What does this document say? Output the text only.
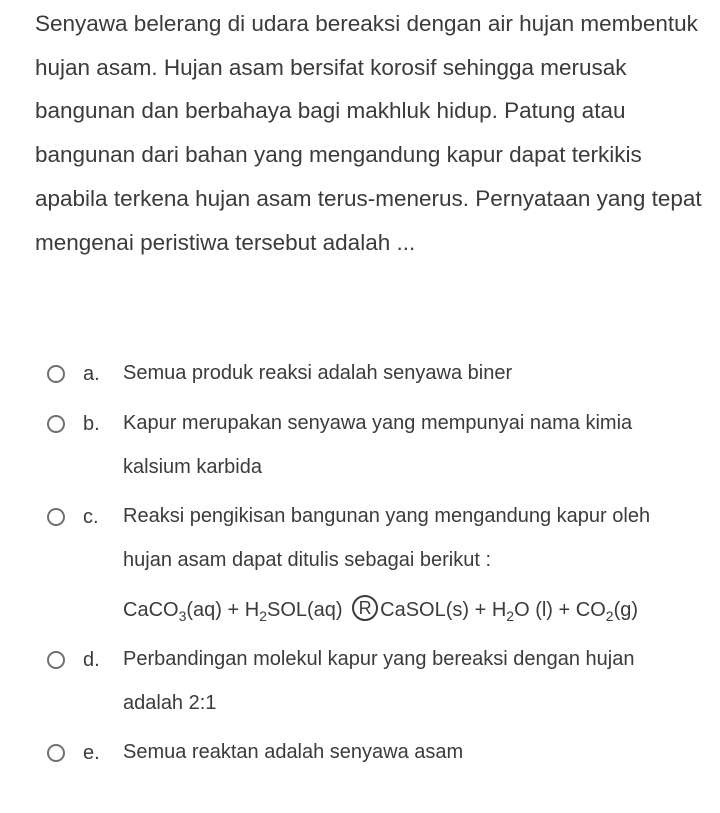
Senyawa belerang di udara bereaksi dengan air hujan membentuk hujan asam. Hujan asam bersifat korosif sehingga merusak bangunan dan berbahaya bagi makhluk hidup. Patung atau bangunan dari bahan yang mengandung kapur dapat terkikis apabila terkena hujan asam terus-menerus. Pernyataan yang tepat mengenai peristiwa tersebut adalah ...
a. Semua produk reaksi adalah senyawa biner
b. Kapur merupakan senyawa yang mempunyai nama kimia kalsium karbida
c. Reaksi pengikisan bangunan yang mengandung kapur oleh hujan asam dapat ditulis sebagai berikut :
CaCO$_3$(aq) + $H_2SOL(aq)$ R CaSOL(s) + $H_2O$ $(l) + CO_2(g)$
d. Perbandingan molekul kapur yang bereaksi dengan hujan adalah 2:1
e. Semua reaktan adalah senyawa asam
